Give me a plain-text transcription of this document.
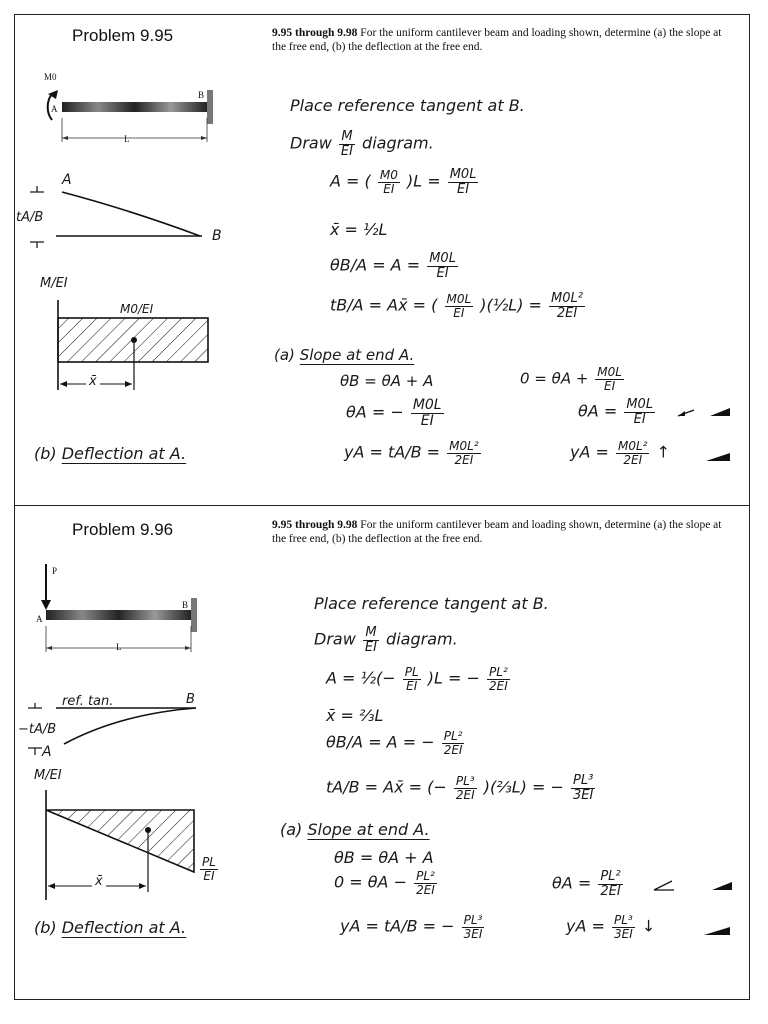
Problem 9.95	9.95 through 9.98 For the uniform cantilever beam and loading shown, determine (a) the slope at the free end, (b) the deflection at the free end.
M0
A
B
L
A
B
tA/B
M/EI
M0/EI
x̄
Place reference tangent at B.
Draw $\frac{M}{EI}$ diagram.
A = ( $\frac{M0}{EI} )L = \frac{M0L}{EI}$
x̄ = ½L
$\theta B/A = A = \frac{M0L}{EI}$
tB/A = Ax̄ = ( $\frac{M0L}{EI}$ )(½L) = $\frac{\text{M0L²}}{2EI}$
(a) Slope at end A.
θB = θA + A	$0 = \theta A + \frac{M0L}{EI}$
θA = − $\frac{M0L}{EI}$	$\theta A = \frac{M0L}{EI}$
(b) Deflection at A.	yA = $tA/B = \frac{\text{M0L²}}{2EI}$	yA = $\frac{\text{M0L²}}{2EI}$ ↑
Problem 9.96	9.95 through 9.98 For the uniform cantilever beam and loading shown, determine (a) the slope at the free end, (b) the deflection at the free end.
P
A
B
L
ref. tan.	B
−tA/B
A
M/EI
x̄	$\frac{PL}{EI}$
Place reference tangent at B.
Draw $\frac{M}{EI}$ diagram.
A = ½(− $\frac{PL}{EI} )L$ = − $\frac{\text{PL²}}{2EI}$
x̄ = ⅔L
θB/A = A = − $\frac{\text{PL²}}{2EI}$
tA/B = Ax̄ = (− $\frac{\text{PL³}}{2EI}$ )(⅔L) = − $\frac{\text{PL³}}{3EI}$
(a) Slope at end A.
θB = θA + A
$0 = \theta A - \frac{\text{PL²}}{2EI}$	$\theta A = \frac{\text{PL²}}{2EI}$
(b) Deflection at A.	yA = tA/B = − $\frac{\text{PL³}}{3EI}$	yA = $\frac{\text{PL³}}{3EI}$ ↓
